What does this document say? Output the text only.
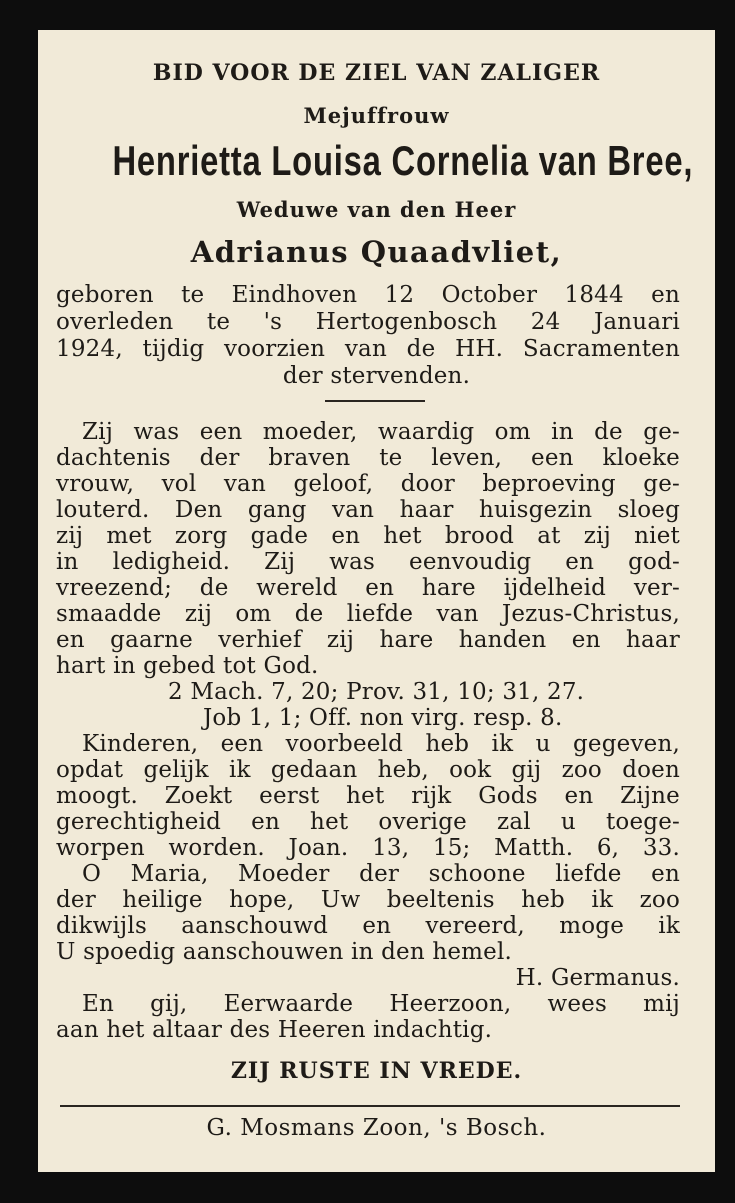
BID VOOR DE ZIEL VAN ZALIGER
Mejuffrouw
Henrietta Louisa Cornelia van Bree,
Weduwe van den Heer
Adrianus Quaadvliet,
geboren te Eindhoven 12 October 1844 en
overleden te 's Hertogenbosch 24 Januari
1924, tijdig voorzien van de HH. Sacramenten
der stervenden.
Zij was een moeder, waardig om in de ge-
dachtenis der braven te leven, een kloeke
vrouw, vol van geloof, door beproeving ge-
louterd. Den gang van haar huisgezin sloeg
zij met zorg gade en het brood at zij niet
in ledigheid. Zij was eenvoudig en god-
vreezend; de wereld en hare ijdelheid ver-
smaadde zij om de liefde van Jezus-Christus,
en gaarne verhief zij hare handen en haar
hart in gebed tot God.
2 Mach. 7, 20; Prov. 31, 10; 31, 27.
Job 1, 1; Off. non virg. resp. 8.
Kinderen, een voorbeeld heb ik u gegeven,
opdat gelijk ik gedaan heb, ook gij zoo doen
moogt. Zoekt eerst het rijk Gods en Zijne
gerechtigheid en het overige zal u toege-
worpen worden. Joan. 13, 15; Matth. 6, 33.
O Maria, Moeder der schoone liefde en
der heilige hope, Uw beeltenis heb ik zoo
dikwijls aanschouwd en vereerd, moge ik
U spoedig aanschouwen in den hemel.
H. Germanus.
En gij, Eerwaarde Heerzoon, wees mij
aan het altaar des Heeren indachtig.
ZIJ RUSTE IN VREDE.
G. Mosmans Zoon, 's Bosch.
